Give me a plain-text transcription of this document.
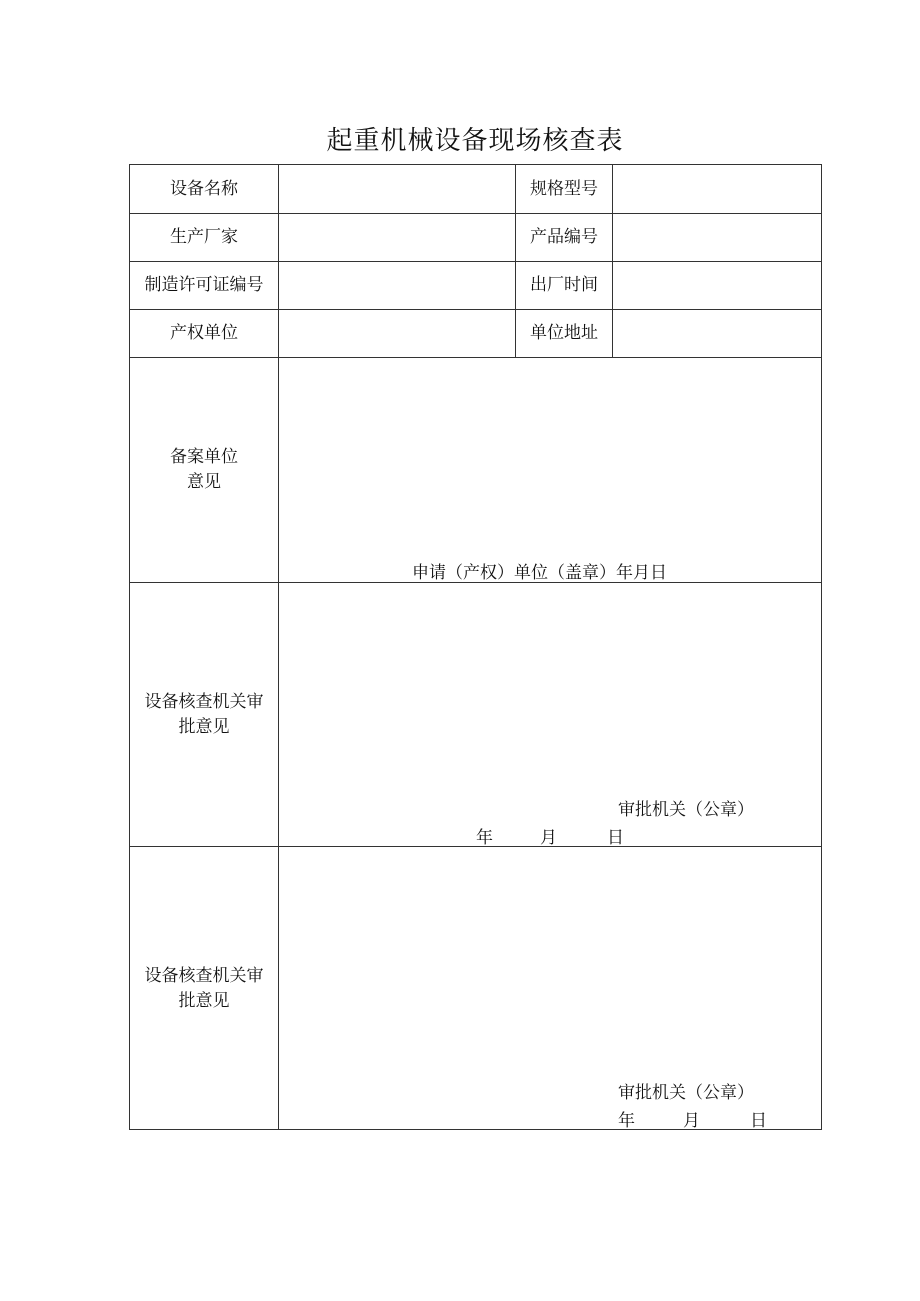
起重机械设备现场核查表
设备名称	规格型号
生产厂家	产品编号
制造许可证编号	出厂时间
产权单位	单位地址
备案单位
意见
申请（产权）单位（盖章）年月日
设备核查机关审
批意见
审批机关（公章）
年	月	日
设备核查机关审
批意见
审批机关（公章）
年	月	日
